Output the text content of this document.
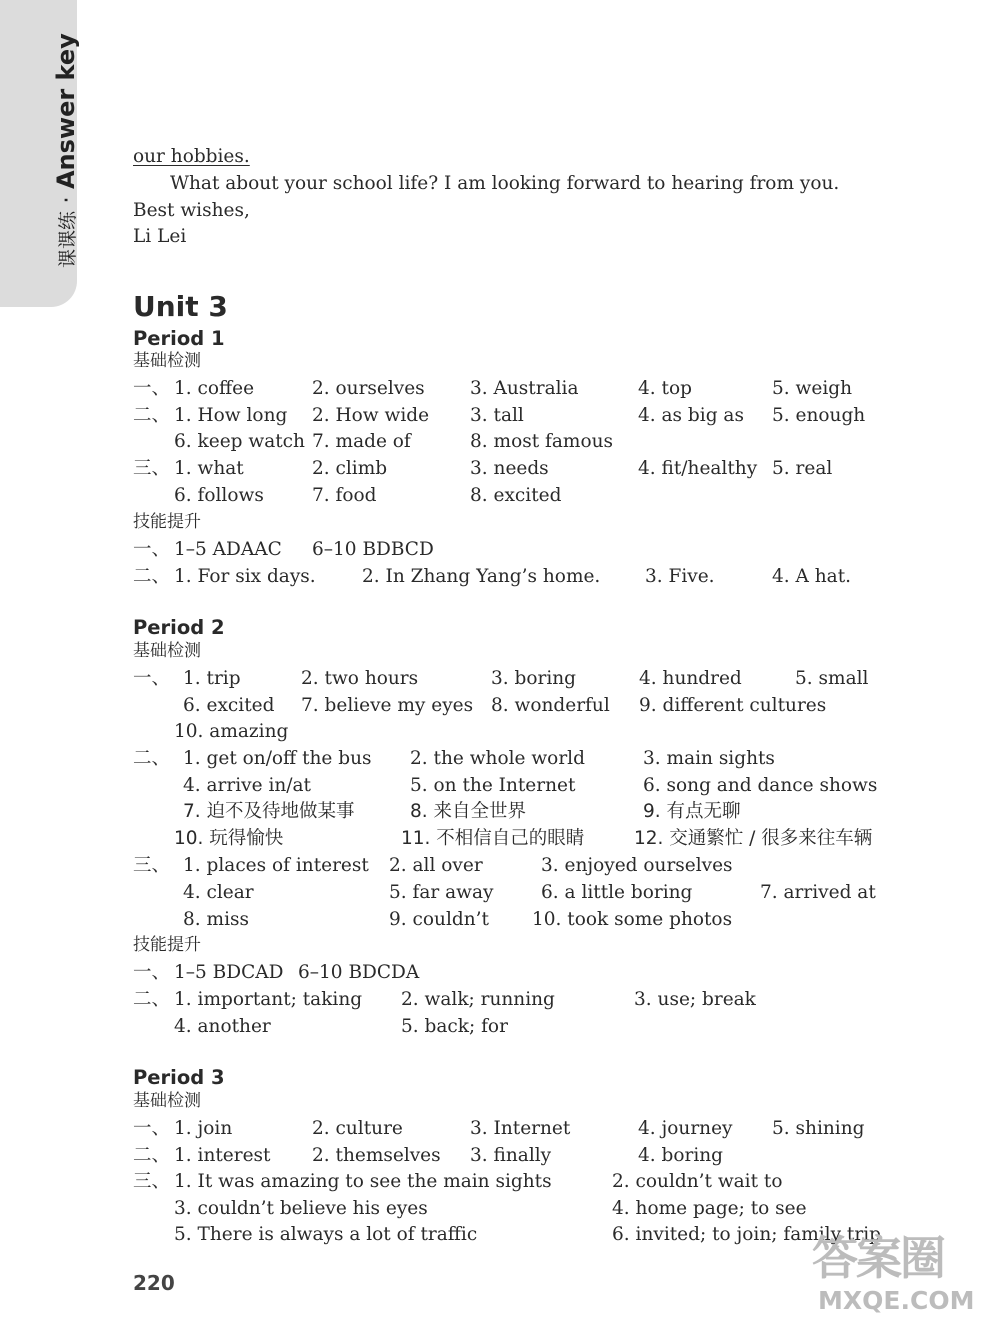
课课练 · Answer key	our hobbies.
What about your school life? I am looking forward to hearing from you.
Best wishes,
Li Lei
Unit 3
Period 1
基础检测
一、 1. coffee	2. ourselves 3. Australia	4. top	5. weigh
二、 1. How long 2. How wide 3. tall	4. as big as 5. enough
6. keep watch 7. made of	8. most famous
三、 1. what	2. climb	3. needs	4. fit/healthy 5. real
6. follows	7. food	8. excited
技能提升
一、 1–5 ADAAC 6–10 BDBCD
二、 1. For six days.	2. In Zhang Yang’s home. 3. Five.	4. A hat.
Period 2
基础检测
一、 1. trip	2. two hours	3. boring	4. hundred	5. small
6. excited 7. believe my eyes 8. wonderful 9. different cultures
10. amazing
二、 1. get on/off the bus 2. the whole world	3. main sights
4. arrive in/at	5. on the Internet	6. song and dance shows
7. 迫不及待地做某事	8. 来自全世界	9. 有点无聊
10. 玩得愉快	11. 不相信自己的眼睛	12. 交通繁忙 / 很多来往车辆
三、 1. places of interest 2. all over	3. enjoyed ourselves
4. clear	5. far away	6. a little boring	7. arrived at
8. miss	9. couldn’t 10. took some photos
技能提升
一、 1–5 BDCAD 6–10 BDCDA
二、 1. important; taking 2. walk; running	3. use; break
4. another	5. back; for
Period 3
基础检测
一、 1. join	2. culture	3. Internet	4. journey 5. shining
二、 1. interest 2. themselves 3. finally	4. boring
三、 1. It was amazing to see the main sights	2. couldn’t wait to
3. couldn’t believe his eyes	4. home page; to see
5. There is always a lot of traffic	6. invited; to join; family trip
220	答案圈
MXQE.COM
